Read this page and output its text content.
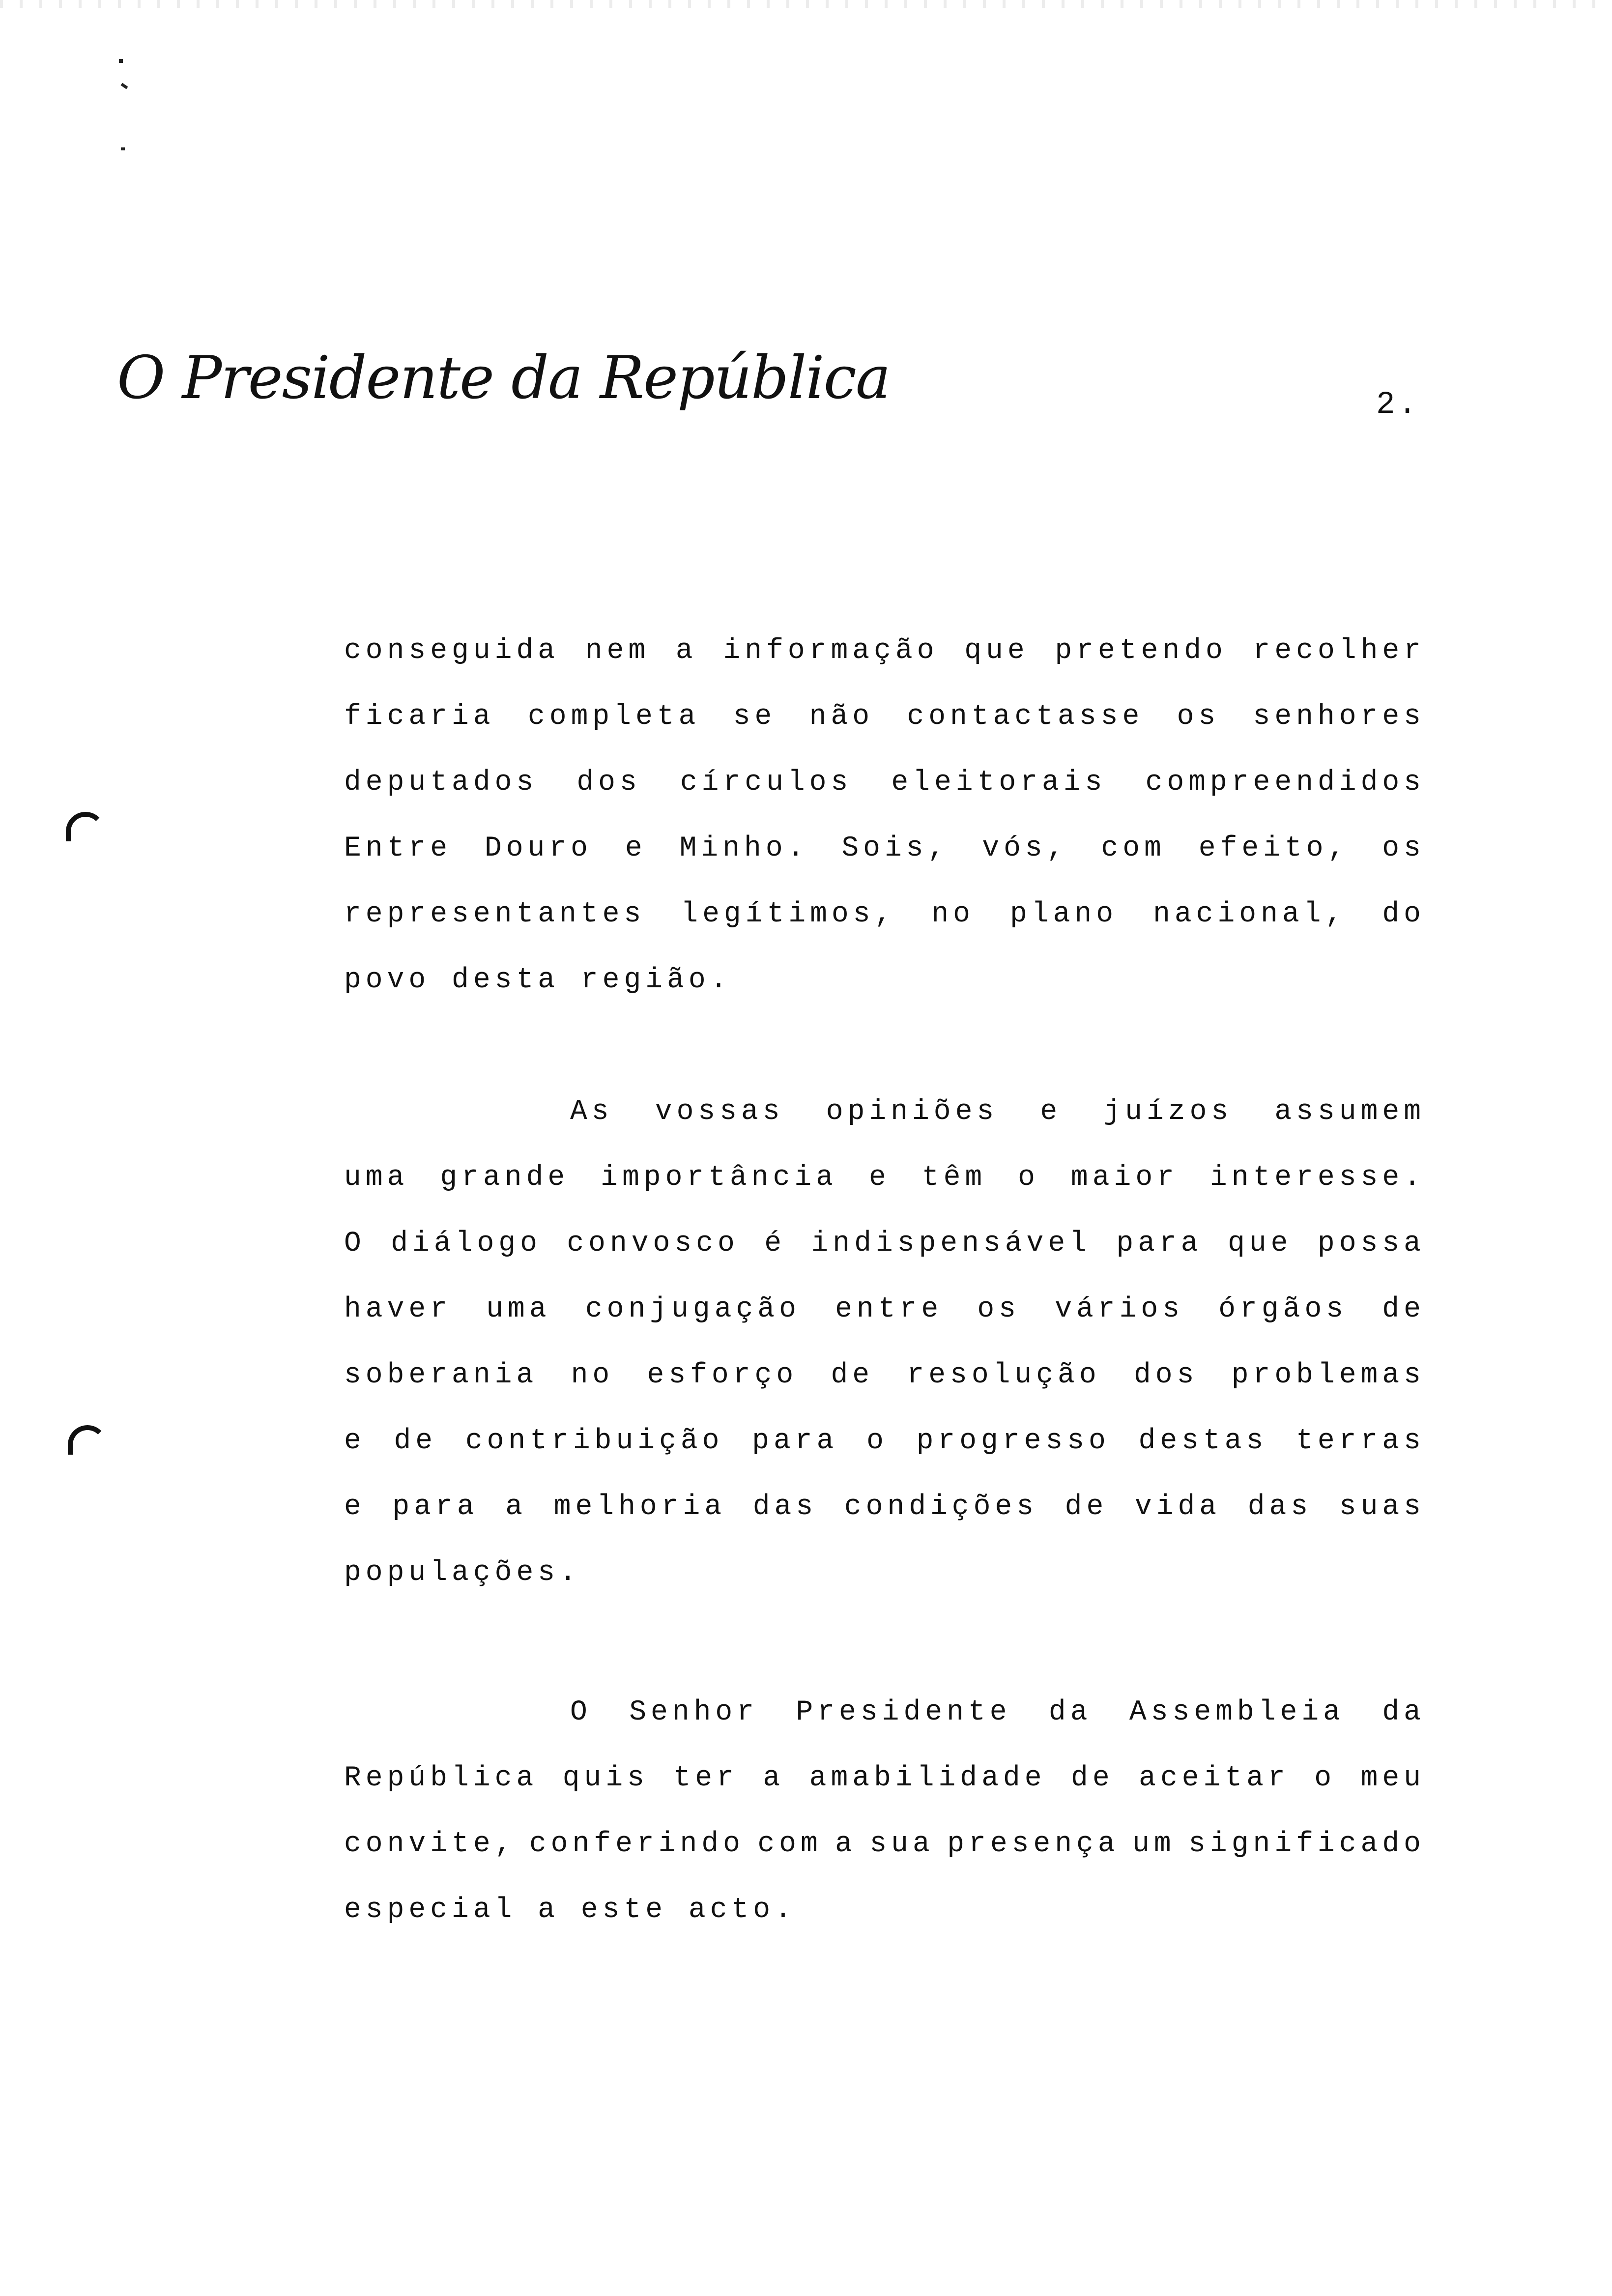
O Presidente da República	2.
conseguida nem a informação que pretendo recolher
ficaria completa se não contactasse os senhores
deputados dos círculos eleitorais compreendidos
Entre Douro e Minho. Sois, vós, com efeito, os
representantes legítimos, no plano nacional, do
povo desta região.
As vossas opiniões e juízos assumem
uma grande importância e têm o maior interesse.
O diálogo convosco é indispensável para que possa
haver uma conjugação entre os vários órgãos de
soberania no esforço de resolução dos problemas
e de contribuição para o progresso destas terras
e para a melhoria das condições de vida das suas
populações.
O Senhor Presidente da Assembleia da
República quis ter a amabilidade de aceitar o meu
convite, conferindo com a sua presença um significado
especial a este acto.
